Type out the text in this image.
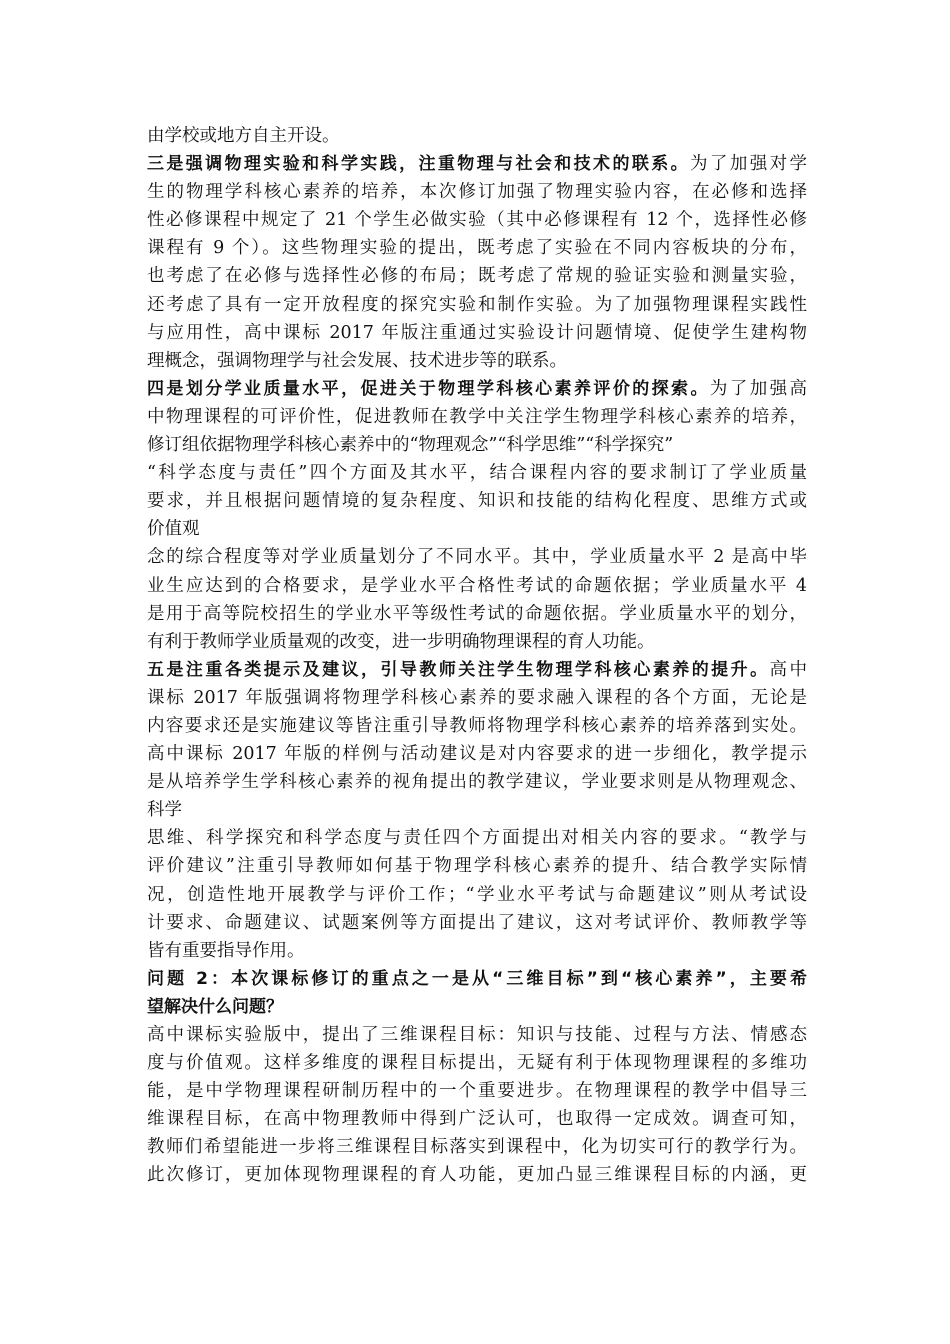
由学校或地方自主开设。
三是强调物理实验和科学实践，注重物理与社会和技术的联系。为了加强对学
生的物理学科核心素养的培养，本次修订加强了物理实验内容，在必修和选择
性必修课程中规定了 21 个学生必做实验（其中必修课程有 12 个，选择性必修
课程有 9 个）。这些物理实验的提出，既考虑了实验在不同内容板块的分布，
也考虑了在必修与选择性必修的布局；既考虑了常规的验证实验和测量实验，
还考虑了具有一定开放程度的探究实验和制作实验。为了加强物理课程实践性
与应用性，高中课标 2017 年版注重通过实验设计问题情境、促使学生建构物
理概念，强调物理学与社会发展、技术进步等的联系。
四是划分学业质量水平，促进关于物理学科核心素养评价的探索。为了加强高
中物理课程的可评价性，促进教师在教学中关注学生物理学科核心素养的培养，
修订组依据物理学科核心素养中的“物理观念”“科学思维”“科学探究”
“科学态度与责任”四个方面及其水平，结合课程内容的要求制订了学业质量
要求，并且根据问题情境的复杂程度、知识和技能的结构化程度、思维方式或
价值观
念的综合程度等对学业质量划分了不同水平。其中，学业质量水平 2 是高中毕
业生应达到的合格要求，是学业水平合格性考试的命题依据；学业质量水平 4
是用于高等院校招生的学业水平等级性考试的命题依据。学业质量水平的划分，
有利于教师学业质量观的改变，进一步明确物理课程的育人功能。
五是注重各类提示及建议，引导教师关注学生物理学科核心素养的提升。高中
课标 2017 年版强调将物理学科核心素养的要求融入课程的各个方面，无论是
内容要求还是实施建议等皆注重引导教师将物理学科核心素养的培养落到实处。
高中课标 2017 年版的样例与活动建议是对内容要求的进一步细化，教学提示
是从培养学生学科核心素养的视角提出的教学建议，学业要求则是从物理观念、
科学
思维、科学探究和科学态度与责任四个方面提出对相关内容的要求。“教学与
评价建议”注重引导教师如何基于物理学科核心素养的提升、结合教学实际情
况，创造性地开展教学与评价工作；“学业水平考试与命题建议”则从考试设
计要求、命题建议、试题案例等方面提出了建议，这对考试评价、教师教学等
皆有重要指导作用。
问题 2：本次课标修订的重点之一是从“三维目标”到“核心素养”，主要希
望解决什么问题？
高中课标实验版中，提出了三维课程目标：知识与技能、过程与方法、情感态
度与价值观。这样多维度的课程目标提出，无疑有利于体现物理课程的多维功
能，是中学物理课程研制历程中的一个重要进步。在物理课程的教学中倡导三
维课程目标，在高中物理教师中得到广泛认可，也取得一定成效。调查可知，
教师们希望能进一步将三维课程目标落实到课程中，化为切实可行的教学行为。
此次修订，更加体现物理课程的育人功能，更加凸显三维课程目标的内涵，更
